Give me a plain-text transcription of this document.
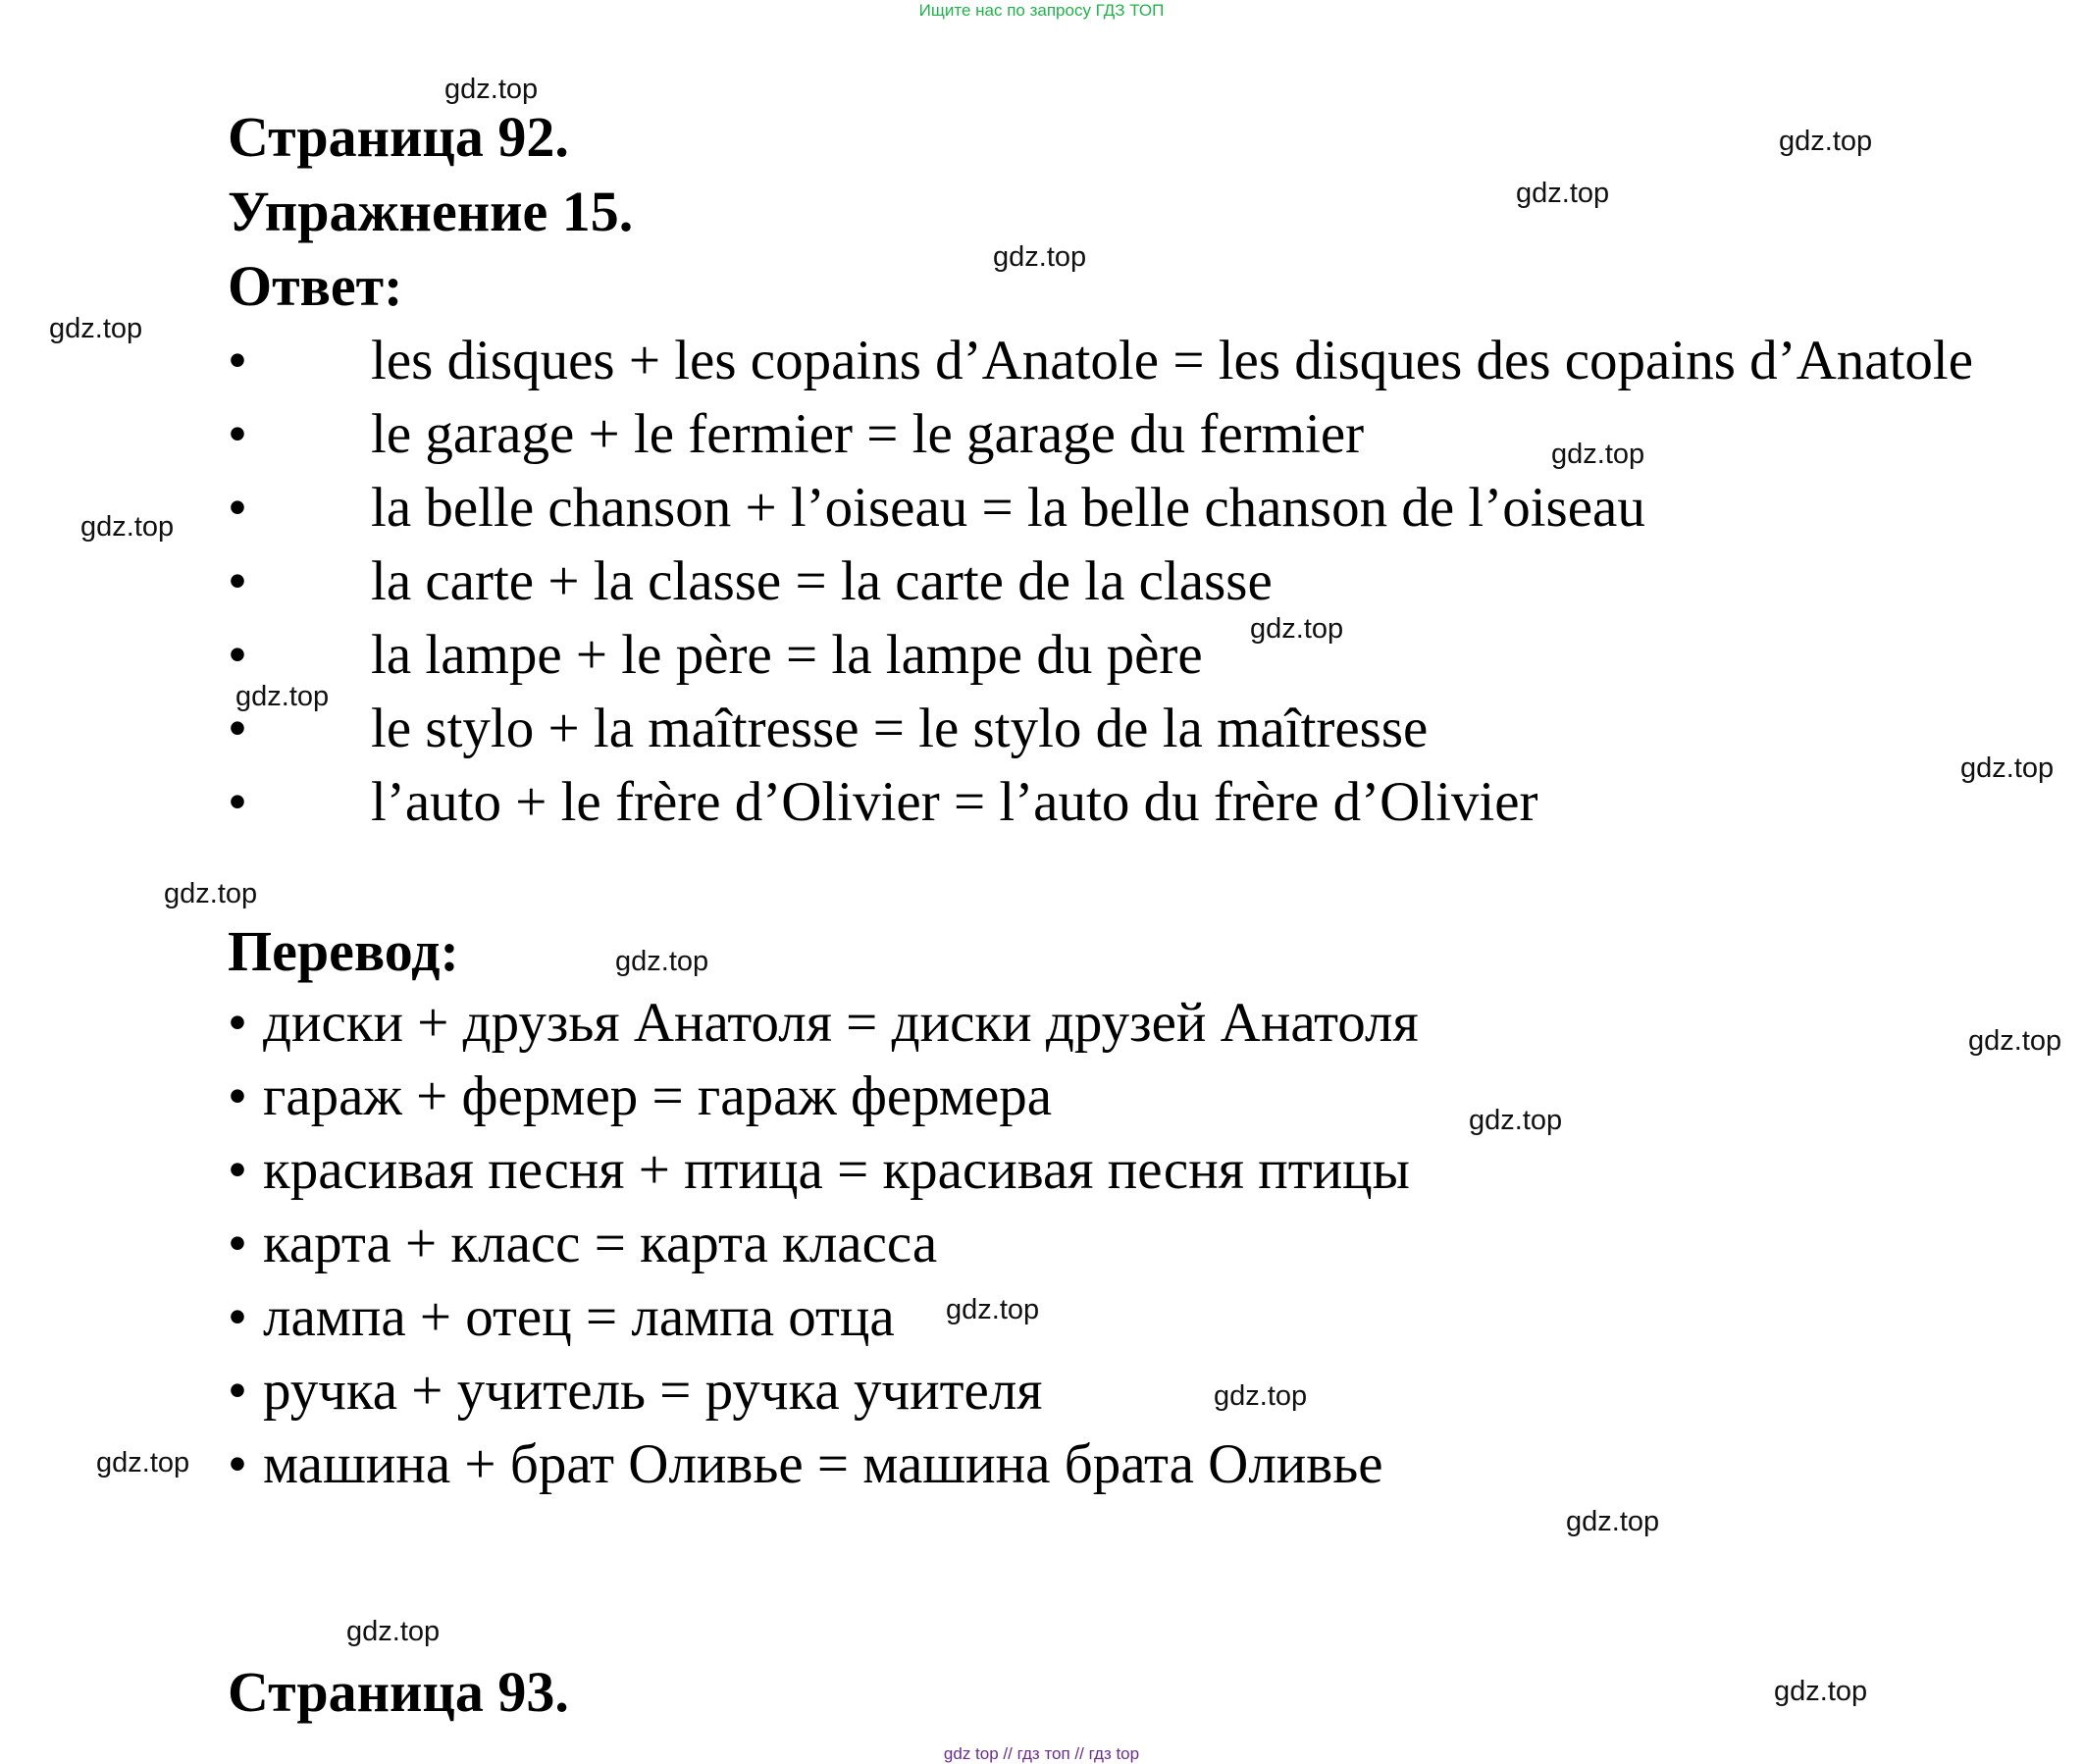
Ищите нас по запросу ГДЗ ТОП
Страница 92.
Упражнение 15.
Ответ:
• les disques + les copains d’Anatole = les disques des copains d’Anatole
• le garage + le fermier = le garage du fermier
• la belle chanson + l’oiseau = la belle chanson de l’oiseau
• la carte + la classe = la carte de la classe
• la lampe + le père = la lampe du père
• le stylo + la maîtresse = le stylo de la maîtresse
• l’auto + le frère d’Olivier = l’auto du frère d’Olivier
Перевод:
• диски + друзья Анатоля = диски друзей Анатоля
• гараж + фермер = гараж фермера
• красивая песня + птица = красивая песня птицы
• карта + класс = карта класса
• лампа + отец = лампа отца
• ручка + учитель = ручка учителя
• машина + брат Оливье = машина брата Оливье
Страница 93.
gdz.top
gdz.top
gdz.top
gdz.top
gdz.top
gdz.top
gdz.top
gdz.top
gdz.top
gdz.top
gdz.top
gdz.top
gdz.top
gdz.top
gdz.top
gdz.top
gdz.top
gdz.top
gdz.top
gdz.top
gdz top // гдз топ // гдз top
